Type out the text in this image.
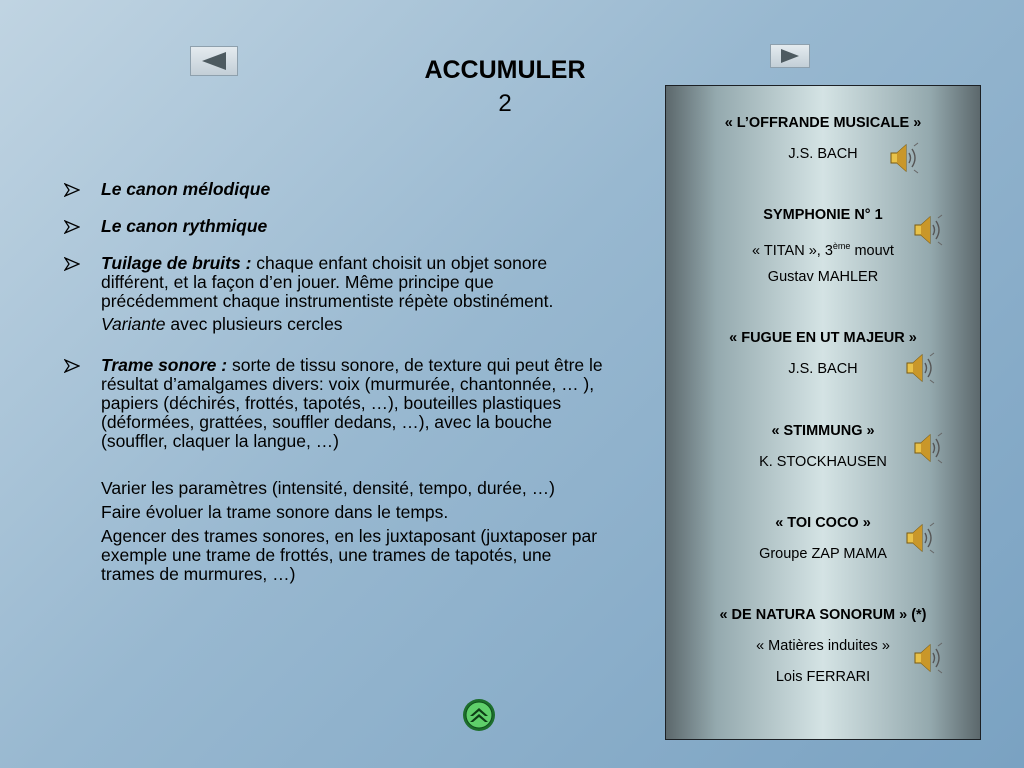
ACCUMULER
2
Le canon mélodique
Le canon rythmique
Tuilage de bruits : chaque enfant choisit un objet sonore différent, et la façon d’en jouer. Même principe que précédemment chaque instrumentiste répète obstinément.
Variante avec plusieurs cercles
Trame sonore : sorte de tissu sonore, de texture qui peut être le résultat d’amalgames divers: voix (murmurée, chantonnée, … ), papiers (déchirés, frottés, tapotés, …), bouteilles plastiques (déformées, grattées, souffler dedans, …), avec la bouche (souffler, claquer la langue, …)
Varier les paramètres (intensité, densité, tempo, durée, …)
Faire évoluer la trame sonore dans le temps.
Agencer des trames sonores, en les juxtaposant (juxtaposer par exemple une trame de frottés, une trames de tapotés, une trames de murmures, …)
« L’OFFRANDE MUSICALE »
J.S. BACH
SYMPHONIE N° 1
« TITAN », 3ème mouvt
Gustav MAHLER
« FUGUE EN UT MAJEUR »
J.S. BACH
« STIMMUNG »
K. STOCKHAUSEN
« TOI COCO »
Groupe ZAP MAMA
« DE NATURA SONORUM » (*)
« Matières induites »
Lois FERRARI
